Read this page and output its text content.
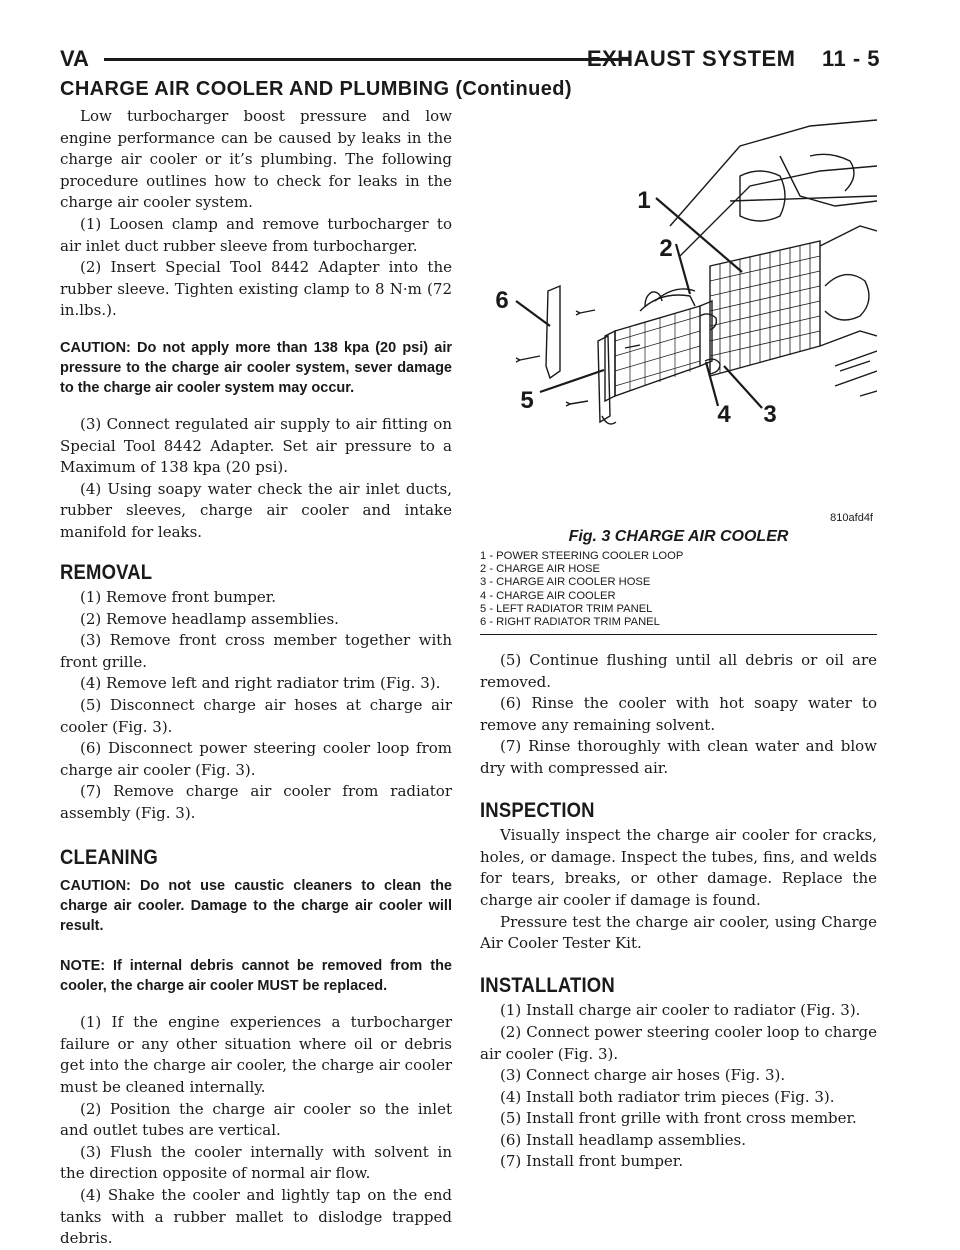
VA	EXHAUST SYSTEM    11 - 5
CHARGE AIR COOLER AND PLUMBING (Continued)

Low turbocharger boost pressure and low engine performance can be caused by leaks in the charge air cooler or it’s plumbing. The following procedure outlines how to check for leaks in the charge air cooler system.

(1) Loosen clamp and remove turbocharger to air inlet duct rubber sleeve from turbocharger.

(2) Insert Special Tool 8442 Adapter into the rubber sleeve. Tighten existing clamp to 8 N·m (72 in.lbs.).

CAUTION: Do not apply more than 138 kpa (20 psi) air pressure to the charge air cooler system, sever damage to the charge air cooler system may occur.

(3) Connect regulated air supply to air fitting on Special Tool 8442 Adapter. Set air pressure to a Maximum of 138 kpa (20 psi).

(4) Using soapy water check the air inlet ducts, rubber sleeves, charge air cooler and intake manifold for leaks.

REMOVAL

(1) Remove front bumper.

(2) Remove headlamp assemblies.

(3) Remove front cross member together with front grille.

(4) Remove left and right radiator trim (Fig. 3).

(5) Disconnect charge air hoses at charge air cooler (Fig. 3).

(6) Disconnect power steering cooler loop from charge air cooler (Fig. 3).

(7) Remove charge air cooler from radiator assembly (Fig. 3).

CLEANING

CAUTION: Do not use caustic cleaners to clean the charge air cooler. Damage to the charge air cooler will result.

NOTE: If internal debris cannot be removed from the cooler, the charge air cooler MUST be replaced.

(1) If the engine experiences a turbocharger failure or any other situation where oil or debris get into the charge air cooler, the charge air cooler must be cleaned internally.

(2) Position the charge air cooler so the inlet and outlet tubes are vertical.

(3) Flush the cooler internally with solvent in the direction opposite of normal air flow.

(4) Shake the cooler and lightly tap on the end tanks with a rubber mallet to dislodge trapped debris.

1
2
6
5
4 3
810afd4f
Fig. 3 CHARGE AIR COOLER
1 - POWER STEERING COOLER LOOP
2 - CHARGE AIR HOSE
3 - CHARGE AIR COOLER HOSE
4 - CHARGE AIR COOLER
5 - LEFT RADIATOR TRIM PANEL
6 - RIGHT RADIATOR TRIM PANEL

(5) Continue flushing until all debris or oil are removed.

(6) Rinse the cooler with hot soapy water to remove any remaining solvent.

(7) Rinse thoroughly with clean water and blow dry with compressed air.

INSPECTION

Visually inspect the charge air cooler for cracks, holes, or damage. Inspect the tubes, fins, and welds for tears, breaks, or other damage. Replace the charge air cooler if damage is found.

Pressure test the charge air cooler, using Charge Air Cooler Tester Kit.

INSTALLATION

(1) Install charge air cooler to radiator (Fig. 3).

(2) Connect power steering cooler loop to charge air cooler (Fig. 3).

(3) Connect charge air hoses (Fig. 3).

(4) Install both radiator trim pieces (Fig. 3).

(5) Install front grille with front cross member.

(6) Install headlamp assemblies.

(7) Install front bumper.
